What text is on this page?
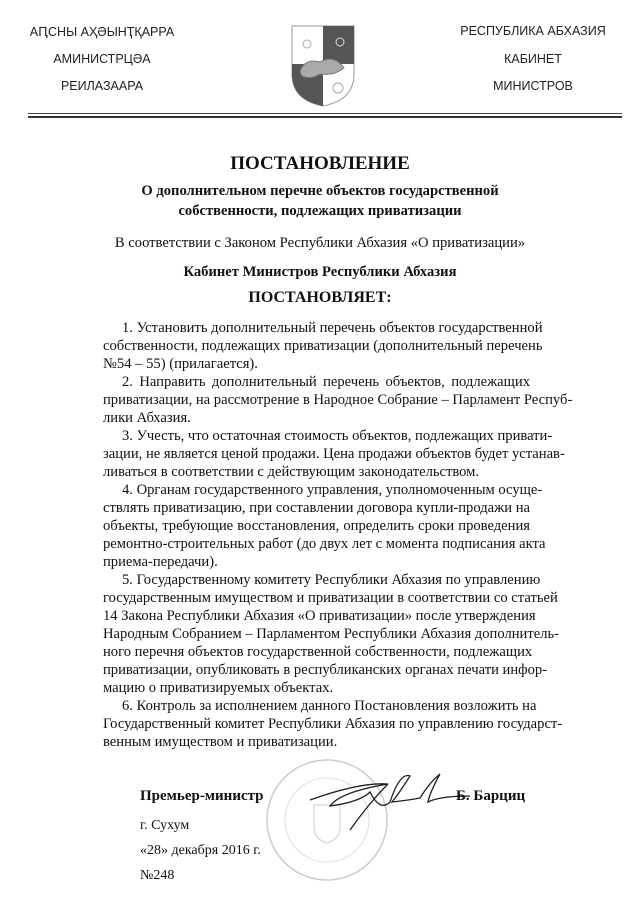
АԤСНЫ АҲӘЫНҬҚАРРА
АМИНИСТРЦӘА
РЕИЛАЗААРА
РЕСПУБЛИКА АБХАЗИЯ
КАБИНЕТ
МИНИСТРОВ
ПОСТАНОВЛЕНИЕ
О дополнительном перечне объектов государственной
собственности, подлежащих приватизации
В соответствии с Законом Республики Абхазия «О приватизации»
Кабинет Министров Республики Абхазия
ПОСТАНОВЛЯЕТ:
1. Установить дополнительный перечень объектов государственной
собственности, подлежащих приватизации (дополнительный перечень
№54 – 55) (прилагается).
2. Направить дополнительный перечень объектов, подлежащих
приватизации, на рассмотрение в Народное Собрание – Парламент Респуб-
лики Абхазия.
3. Учесть, что остаточная стоимость объектов, подлежащих привати-
зации, не является ценой продажи. Цена продажи объектов будет устанав-
ливаться в соответствии с действующим законодательством.
4. Органам государственного управления, уполномоченным осуще-
ствлять приватизацию, при составлении договора купли-продажи на
объекты, требующие восстановления, определить сроки проведения
ремонтно-строительных работ (до двух лет с момента подписания акта
приема-передачи).
5. Государственному комитету Республики Абхазия по управлению
государственным имуществом и приватизации в соответствии со статьей
14 Закона Республики Абхазия «О приватизации» после утверждения
Народным Собранием – Парламентом Республики Абхазия дополнитель-
ного перечня объектов государственной собственности, подлежащих
приватизации, опубликовать в республиканских органах печати инфор-
мацию о приватизируемых объектах.
6. Контроль за исполнением данного Постановления возложить на
Государственный комитет Республики Абхазия по управлению государст-
венным имуществом и приватизации.
Премьер-министр	Б. Барциц
г. Сухум
«28» декабря 2016 г.
№248
